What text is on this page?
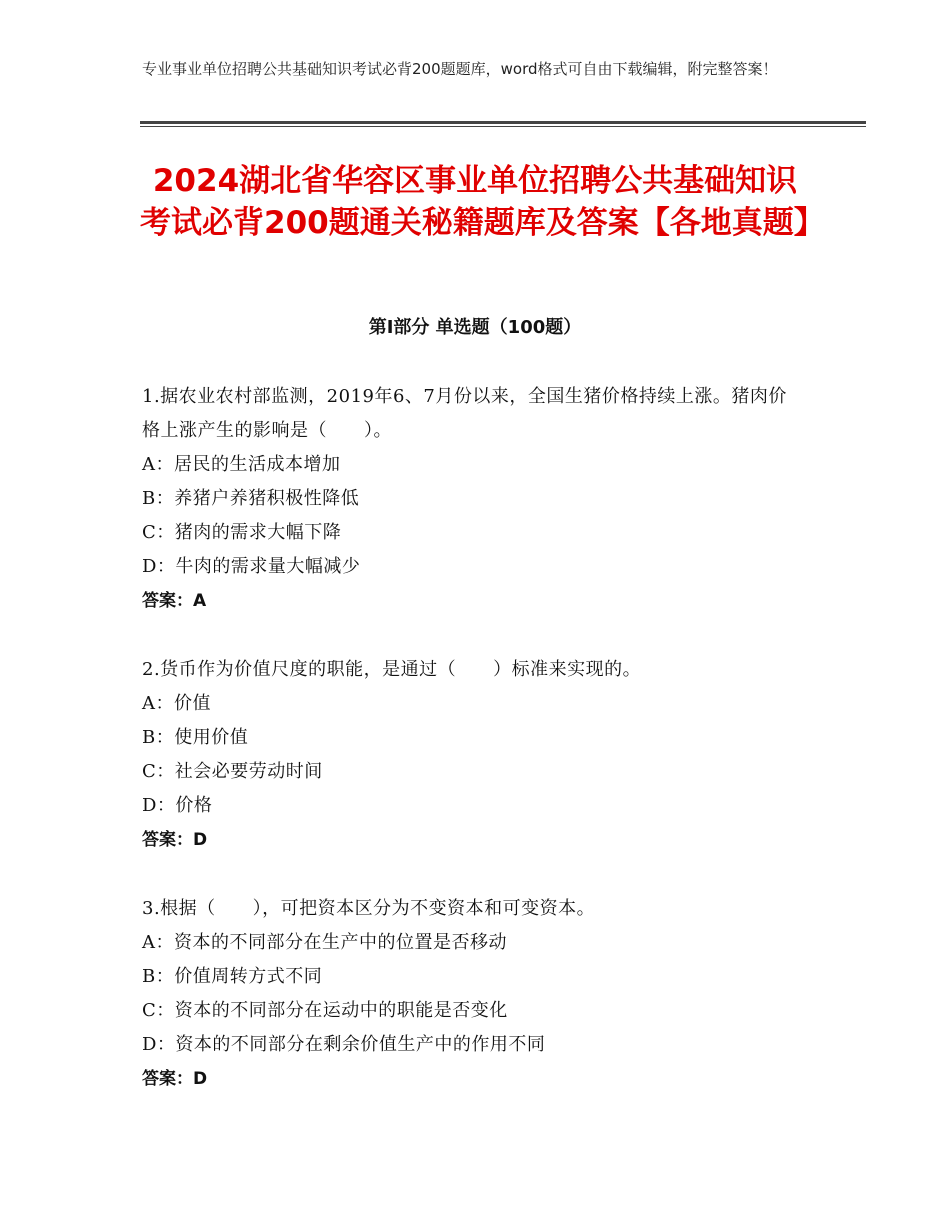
专业事业单位招聘公共基础知识考试必背200题题库，word格式可自由下载编辑，附完整答案！
2024湖北省华容区事业单位招聘公共基础知识考试必背200题通关秘籍题库及答案【各地真题】
第Ⅰ部分 单选题（100题）
1.据农业农村部监测，2019年6、7月份以来，全国生猪价格持续上涨。猪肉价格上涨产生的影响是（　　）。
A：居民的生活成本增加
B：养猪户养猪积极性降低
C：猪肉的需求大幅下降
D：牛肉的需求量大幅减少
答案：A
2.货币作为价值尺度的职能，是通过（　　）标准来实现的。
A：价值
B：使用价值
C：社会必要劳动时间
D：价格
答案：D
3.根据（　　），可把资本区分为不变资本和可变资本。
A：资本的不同部分在生产中的位置是否移动
B：价值周转方式不同
C：资本的不同部分在运动中的职能是否变化
D：资本的不同部分在剩余价值生产中的作用不同
答案：D
